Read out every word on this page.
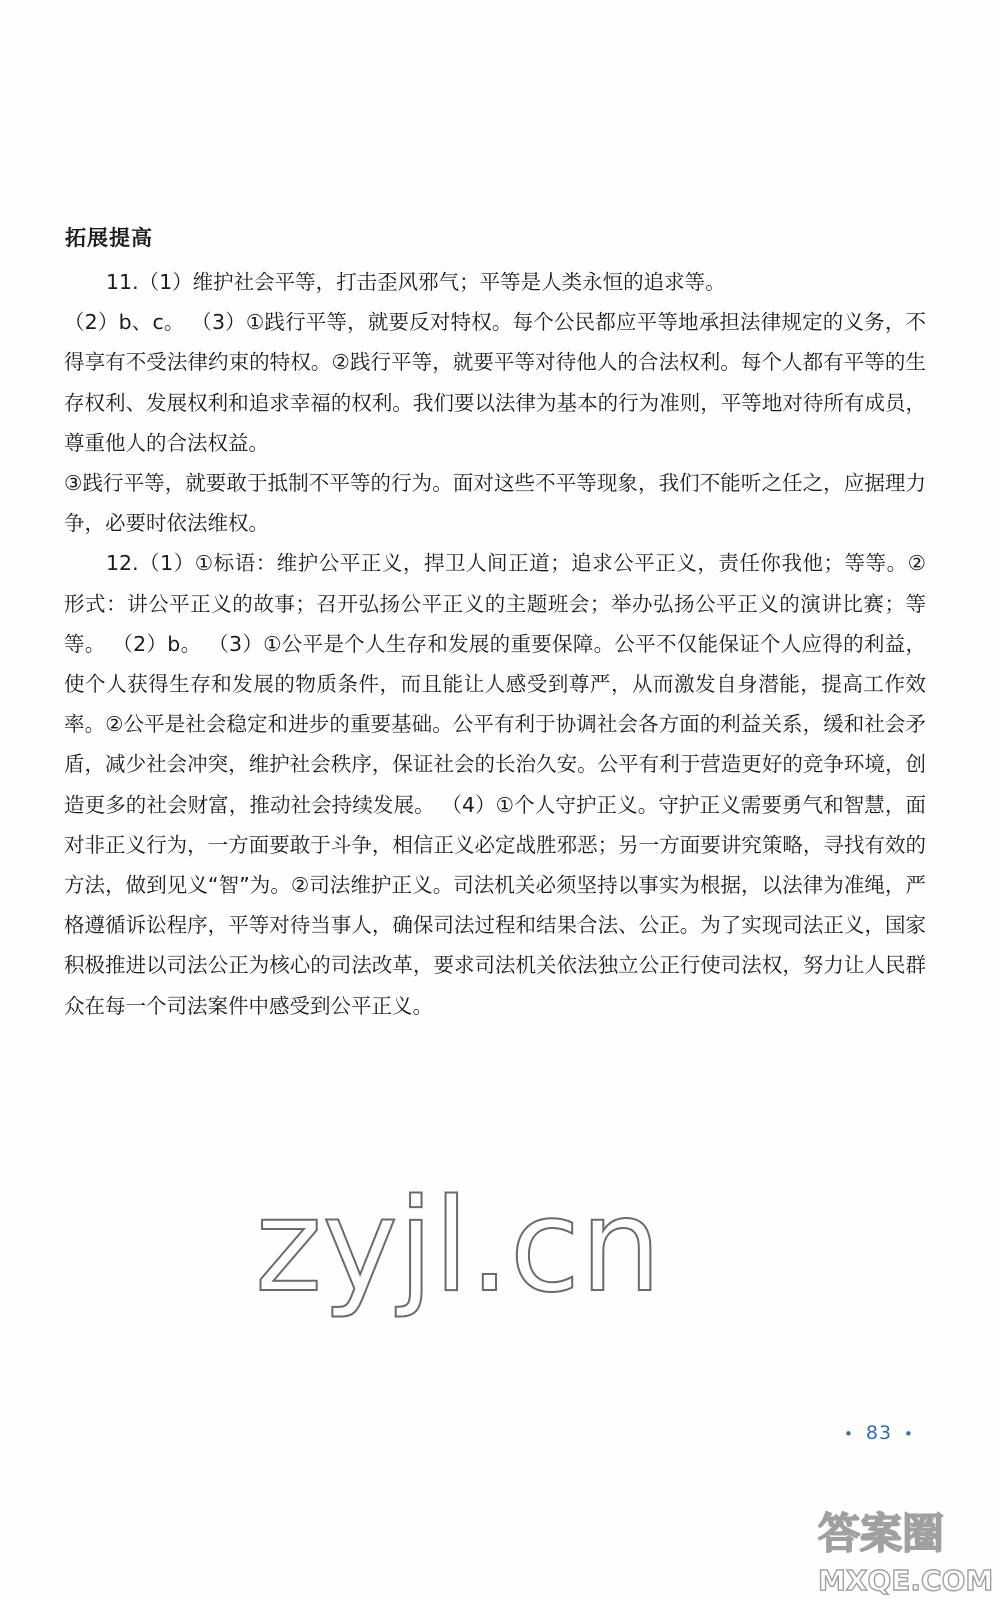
拓展提高

11.（1）维护社会平等，打击歪风邪气；平等是人类永恒的追求等。

（2）b、c。 （3）①践行平等，就要反对特权。每个公民都应平等地承担法律规定的义务，不得享有不受法律约束的特权。②践行平等，就要平等对待他人的合法权利。每个人都有平等的生存权利、发展权利和追求幸福的权利。我们要以法律为基本的行为准则，平等地对待所有成员，尊重他人的合法权益。

③践行平等，就要敢于抵制不平等的行为。面对这些不平等现象，我们不能听之任之，应据理力争，必要时依法维权。

12.（1）①标语：维护公平正义，捍卫人间正道；追求公平正义，责任你我他；等等。②形式：讲公平正义的故事；召开弘扬公平正义的主题班会；举办弘扬公平正义的演讲比赛；等等。 （2）b。 （3）①公平是个人生存和发展的重要保障。公平不仅能保证个人应得的利益，使个人获得生存和发展的物质条件，而且能让人感受到尊严，从而激发自身潜能，提高工作效率。②公平是社会稳定和进步的重要基础。公平有利于协调社会各方面的利益关系，缓和社会矛盾，减少社会冲突，维护社会秩序，保证社会的长治久安。公平有利于营造更好的竞争环境，创造更多的社会财富，推动社会持续发展。 （4）①个人守护正义。守护正义需要勇气和智慧，面对非正义行为，一方面要敢于斗争，相信正义必定战胜邪恶；另一方面要讲究策略，寻找有效的方法，做到见义“智”为。②司法维护正义。司法机关必须坚持以事实为根据，以法律为准绳，严格遵循诉讼程序，平等对待当事人，确保司法过程和结果合法、公正。为了实现司法正义，国家积极推进以司法公正为核心的司法改革，要求司法机关依法独立公正行使司法权，努力让人民群众在每一个司法案件中感受到公平正义。

zyjl.cn
• 83 •
答案圈
MXQE.COM
